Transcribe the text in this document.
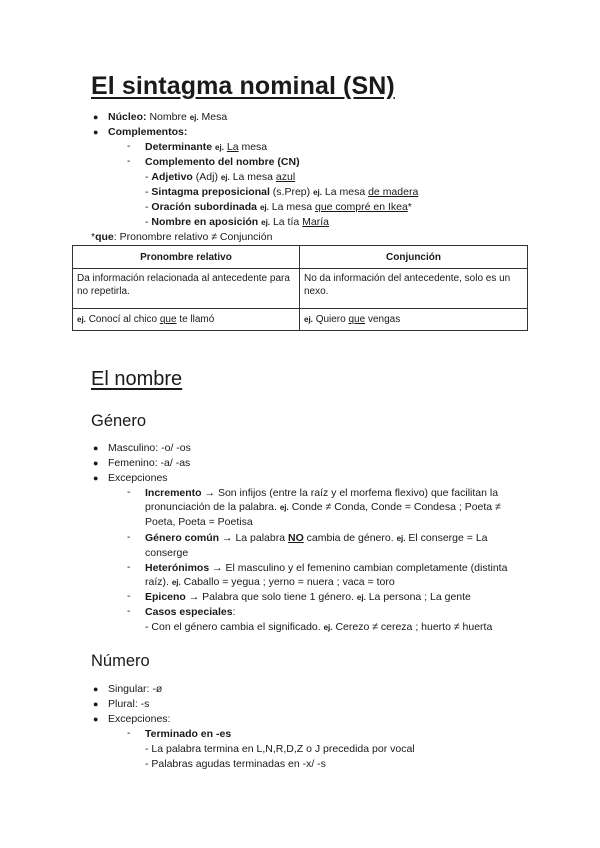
El sintagma nominal (SN)
● Núcleo: Nombre ej. Mesa
● Complementos:
- Determinante ej. La mesa
- Complemento del nombre (CN)
- Adjetivo (Adj) ej. La mesa azul
- Sintagma preposicional (s.Prep) ej. La mesa de madera
- Oración subordinada ej. La mesa que compré en Ikea*
- Nombre en aposición ej. La tía María
*que: Pronombre relativo ≠ Conjunción
Pronombre relativo	Conjunción
Da información relacionada al antecedente para no repetirla.	No da información del antecedente, solo es un nexo.
ej. Conocí al chico que te llamó	ej. Quiero que vengas
El nombre
Género
● Masculino: -o/ -os
● Femenino: -a/ -as
● Excepciones
- Incremento → Son infijos (entre la raíz y el morfema flexivo) que facilitan la pronunciación de la palabra. ej. Conde ≠ Conda, Conde = Condesa ; Poeta ≠ Poeta, Poeta = Poetisa
- Género común → La palabra NO cambia de género. ej. El conserge = La conserge
- Heterónimos → El masculino y el femenino cambian completamente (distinta raíz). ej. Caballo = yegua ; yerno = nuera ; vaca = toro
- Epiceno → Palabra que solo tiene 1 género. ej. La persona ; La gente
- Casos especiales:
- Con el género cambia el significado. ej. Cerezo ≠ cereza ; huerto ≠ huerta
Número
● Singular: -ø
● Plural: -s
● Excepciones:
- Terminado en -es
- La palabra termina en L,N,R,D,Z o J precedida por vocal
- Palabras agudas terminadas en -x/ -s
